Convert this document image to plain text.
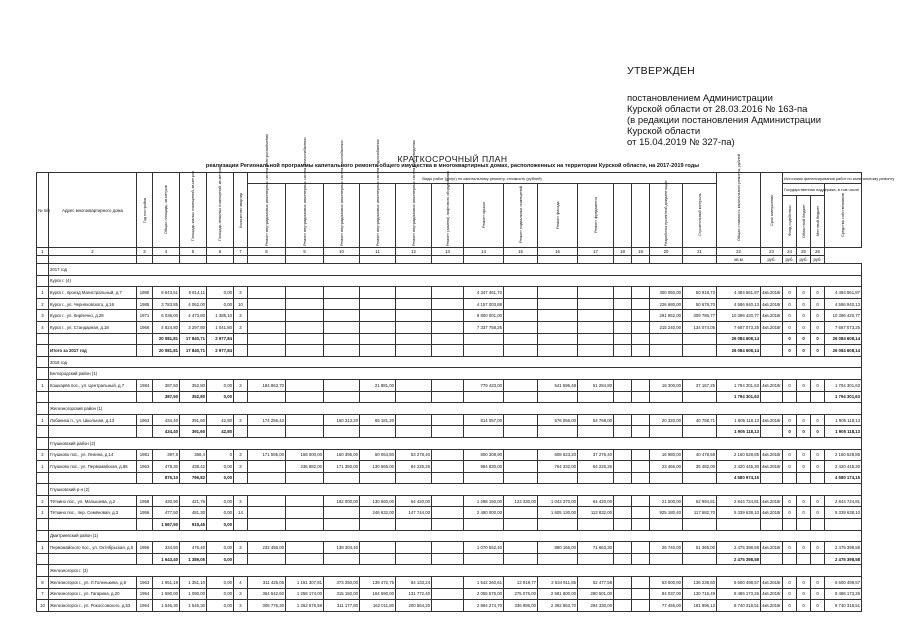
УТВЕРЖДЕН
постановлением Администрации
Курской области от 28.03.2016 № 163-па
(в редакции постановления Администрации
Курской области
от 15.04.2019 № 327-па)
КРАТКОСРОЧНЫЙ ПЛАН
реализации Региональной программы капитального ремонта общего имущества в многоквартирных домах, расположенных на территории Курской области, на 2017-2019 годы
№ п/п	Адрес многоквартирного дома	Год постройки	Общая площадь, кв.метров	Площадь жилых помещений, кв.метров	Площадь нежилых помещений, кв.метров	Количество квартир	Виды работ (услуг) по капитальному ремонту, стоимость (рублей)														Общая стоимость капитального ремонта, рублей	Срок завершения	Источники финансирования работ по капитальному ремонту			
							Ремонт внутридомовых инженерных систем электроснабжения	Ремонт внутридомовых инженерных систем теплоснабжения	Ремонт внутридомовых инженерных систем газоснабжения	Ремонт внутридомовых инженерных систем водоснабжения	Ремонт внутридомовых инженерных систем водоотведения	Ремонт (замена) лифтового оборудования	Ремонт крыши	Ремонт подвальных помещений	Ремонт фасада	Ремонт фундамента			Разработка проектной документации	Строительный контроль			Государственная поддержка, в том числе			Средства собственников
																							Фонд содействия	Областной бюджет	Местный бюджет	
1	2	3	4	5	6	7	8	9	10	11	12	13	14	15	16	17	18	19	20	21	22	23	24	25	26	
																					кв.м	руб.	руб.	руб.	руб.	
	2017 год																									
	Курск г. (4)																									
1	Курск г., проезд Магистральный, д.7	1980	8 643,51	6 814,11	0,00	3							4 347 461,72						300 050,00	50 918,73	4 484 561,87	4кв.2018г	0	0	0	4 484 561,87
2	Курск г., ул. Черняховского, д.16	1985	3 783,85	4 062,00	0,00	10							4 157 003,88						226 680,00	50 678,70	4 586 940,13	4кв.2018г	0	0	0	4 586 940,13
3	Курск г., ул. Кирпично, д.28	1971	6 036,00	4 473,80	1 385,10	3							9 800 001,00						291 952,00	309 786,77	10 396 420,77	4кв.2018г	0	0	0	10 396 420,77
4	Курск г., ул. Стандарная, д.18	1966	4 824,80	3 297,80	1 041,80	3							7 337 758,26						215 240,00	134 074,05	7 687 073,25	4кв.2018г	0	0	0	7 687 073,25
			20 081,81	17 840,71	2 977,84																26 084 608,14		0	0	0	26 084 608,14
	Итого за 2017 год		20 081,81	17 840,71	2 977,84																26 084 608,14		0	0	0	26 084 608,14
	2018 год																									
	Белгородский район (1)																									
1	Кошкарёв пос., ул. Центральный, д.7	1984	387,50	352,80	0,00	3	184 863,70			21 881,00			779 433,00		541 596,48	51 284,80			18 300,00	37 167,25	1 794 301,63	4кв.2018г	0	0	0	1 794 301,63
			387,50	352,80	0,00																1 794 301,63					1 794 301,63
	Железногорский район (1)																									
1	Лобаниха п., ул. Школьная, д.13	1963	434,40	391,60	42,80	3	174 256,42		160 313,20	65 181,20			814 057,00		576 056,00	54 768,00			20 320,00	40 758,71	1 905 118,13	4кв.2018г	0	0	0	1 905 118,13
			434,40	391,60	42,80																1 905 118,13		0	0	0	1 905 118,13
	Глушковский район (2)																									
2	Глушково пос., ул. Ленина, д.14	1981	397,8	368,4	0	3	171 595,00	168 000,00	160 395,00	60 064,80	53 278,40		800 308,90		608 623,20	37 276,40			16 980,00	40 478,58	2 160 528,85	4кв.2018г	0	0	0	2 160 528,85
1	Глушково пос., ул. Первомайская, д.85	1963	478,30	438,42	0,00	3		236 882,00	171 350,00	130 665,00	84 226,26		984 830,00		764 332,00	64 226,26			23 466,00	35 482,00	2 420 445,30	4кв.2018г	0	0	0	2 420 445,30
			876,10	796,82	0,00																4 580 974,15					4 580 174,15
	Глушковский р-н (2)																									
2	Тёткино пос., ул. Малышева, д.2	1958	430,90	421,76	0,00	3			182 000,00	130 660,00	64 420,00		1 298 150,00	123 330,00	1 043 370,00	64 420,00			21 500,00	62 994,81	2 844 724,81	4кв.2018г	0	0	0	2 844 724,81
1	Тёткино пос., пер. Семёновая, д.3	1956	477,50	481,30	0,00	14				246 632,00	147 744,00		2 490 000,00		1 605 130,00	113 832,00			925 180,40	117 582,70	5 339 638,10	4кв.2018г	0	0	0	5 339 638,10
			1 567,50	915,45	0,00																					
	Дмитриевский район (1)																									
1	Первомайского пос., ул. Октябрьская, д.6	1956	334,50	476,40	0,00	3	232 456,00		138 304,40				1 070 552,40		890 166,00	71 663,30			26 740,00	51 365,00	2 475 398,58	4кв.2018г	0	0	0	2 475 398,58
			1 643,40	1 389,05	0,00																2 475 398,58					2 475 398,58
	Железногорск г. (3)																									
8	Железногорск г., ул. Л.Голенькина, д.6	1963	1 951,19	1 351,10	0,00	4	311 425,05	1 161 307,81	373 250,00	139 472,75	84 133,24		1 542 260,61	13 918,77	2 634 911,85	52 477,58			63 000,00	136 238,60	6 600 498,57	4кв.2018г	0	0	0	6 600 498,57
7	Железногорск г., ул. Гагарина, д.20	1954	1 590,00	1 090,00	0,00	3	364 542,60	1 258 174,00	315 150,00	164 690,00	131 772,40		2 055 575,00	275 076,00	2 581 800,00	290 501,00			84 037,00	130 716,49	8 486 173,26	4кв.2018г	0	0	0	8 486 173,26
10	Железногорск г., ул. Рокоссовского, д.53	1954	1 546,30	1 546,30	0,00	3	305 776,30	1 262 576,59	311 177,80	162 011,80	200 564,20		2 894 274,70	336 986,00	2 392 863,70	294 330,00			77 455,00	181 996,13	8 740 318,51	4кв.2019г	0	0	0	8 740 318,51
